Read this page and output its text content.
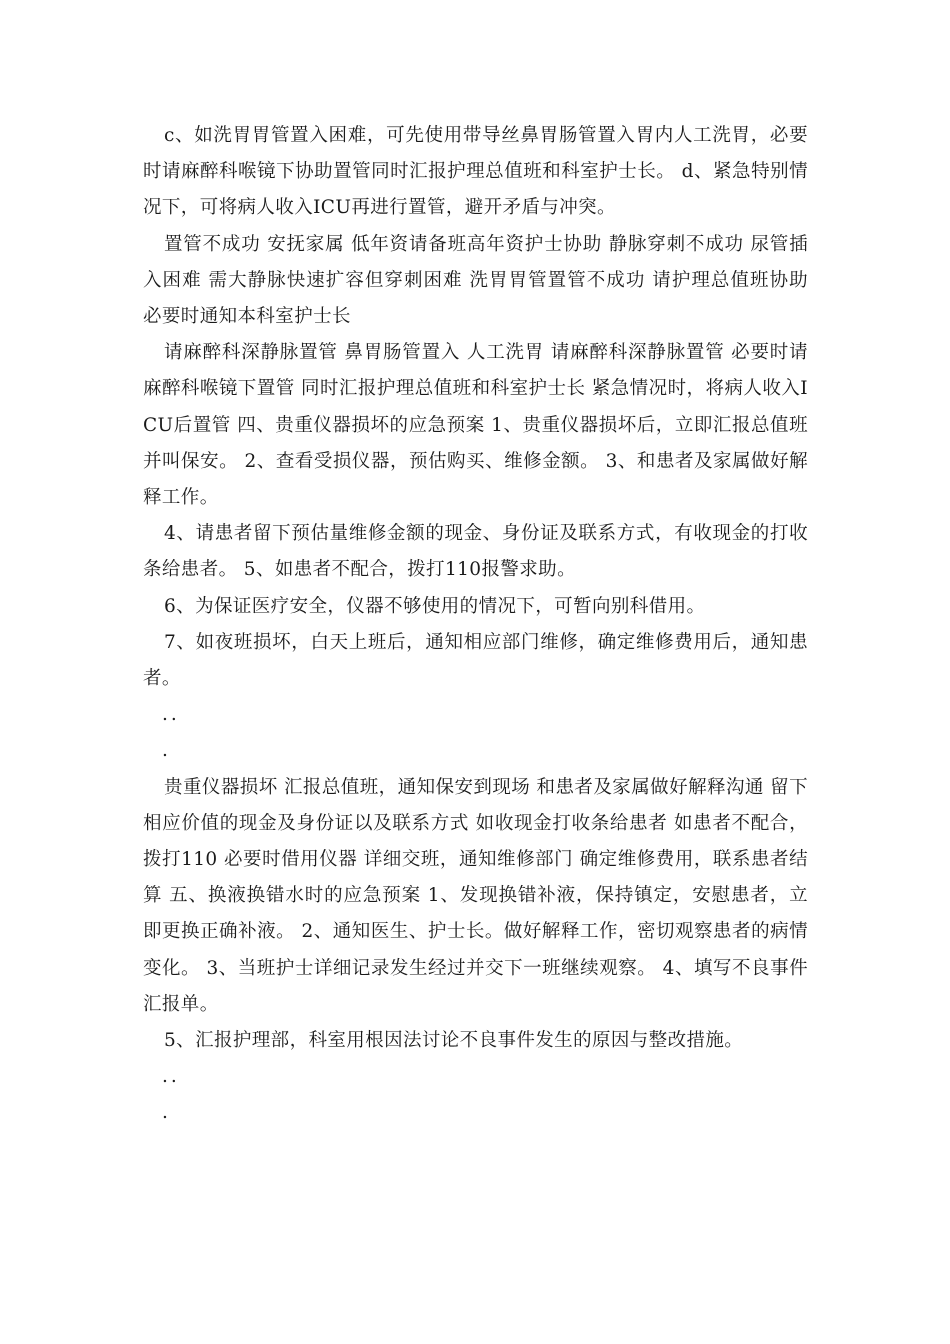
c、如洗胃胃管置入困难，可先使用带导丝鼻胃肠管置入胃内人工洗胃，必要时请麻醉科喉镜下协助置管同时汇报护理总值班和科室护士长。 d、紧急特别情况下，可将病人收入ICU再进行置管，避开矛盾与冲突。

置管不成功 安抚家属 低年资请备班高年资护士协助 静脉穿刺不成功 尿管插入困难 需大静脉快速扩容但穿刺困难 洗胃胃管置管不成功 请护理总值班协助 必要时通知本科室护士长

请麻醉科深静脉置管 鼻胃肠管置入 人工洗胃 请麻醉科深静脉置管 必要时请麻醉科喉镜下置管 同时汇报护理总值班和科室护士长 紧急情况时，将病人收入ICU后置管 四、贵重仪器损坏的应急预案 1、贵重仪器损坏后，立即汇报总值班并叫保安。 2、查看受损仪器，预估购买、维修金额。 3、和患者及家属做好解释工作。

4、请患者留下预估量维修金额的现金、身份证及联系方式，有收现金的打收条给患者。 5、如患者不配合，拨打110报警求助。

6、为保证医疗安全，仪器不够使用的情况下，可暂向别科借用。

7、如夜班损坏，白天上班后，通知相应部门维修，确定维修费用后，通知患者。

..

.

贵重仪器损坏 汇报总值班，通知保安到现场 和患者及家属做好解释沟通 留下相应价值的现金及身份证以及联系方式 如收现金打收条给患者 如患者不配合，拨打110 必要时借用仪器 详细交班，通知维修部门 确定维修费用，联系患者结算 五、换液换错水时的应急预案 1、发现换错补液，保持镇定，安慰患者，立即更换正确补液。 2、通知医生、护士长。做好解释工作，密切观察患者的病情变化。 3、当班护士详细记录发生经过并交下一班继续观察。 4、填写不良事件汇报单。

5、汇报护理部，科室用根因法讨论不良事件发生的原因与整改措施。

..

.
